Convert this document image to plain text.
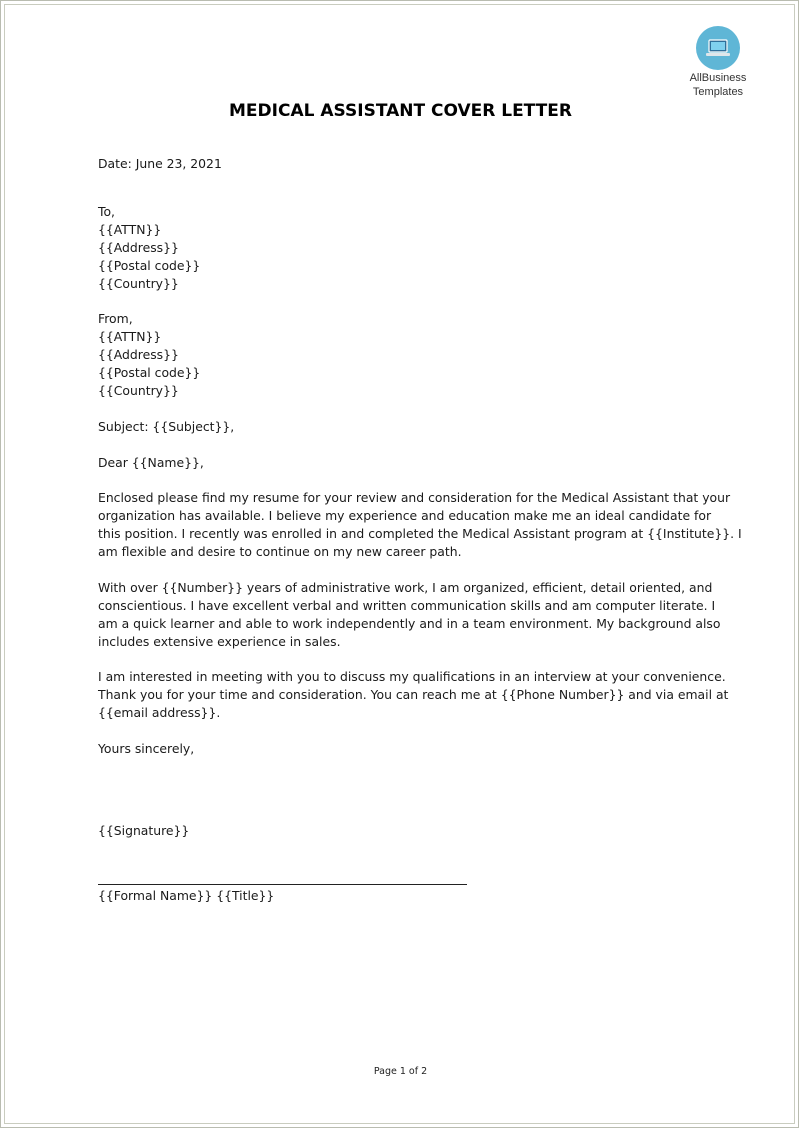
AllBusiness
Templates
MEDICAL ASSISTANT COVER LETTER
Date: June 23, 2021
To,
{{ATTN}}
{{Address}}
{{Postal code}}
{{Country}}
From,
{{ATTN}}
{{Address}}
{{Postal code}}
{{Country}}
Subject: {{Subject}},
Dear {{Name}},
Enclosed please find my resume for your review and consideration for the Medical Assistant that your
organization has available. I believe my experience and education make me an ideal candidate for
this position. I recently was enrolled in and completed the Medical Assistant program at {{Institute}}. I
am flexible and desire to continue on my new career path.
With over {{Number}} years of administrative work, I am organized, efficient, detail oriented, and
conscientious. I have excellent verbal and written communication skills and am computer literate. I
am a quick learner and able to work independently and in a team environment. My background also
includes extensive experience in sales.
I am interested in meeting with you to discuss my qualifications in an interview at your convenience.
Thank you for your time and consideration. You can reach me at {{Phone Number}} and via email at
{{email address}}.
Yours sincerely,
{{Signature}}
{{Formal Name}} {{Title}}
Page 1 of 2
